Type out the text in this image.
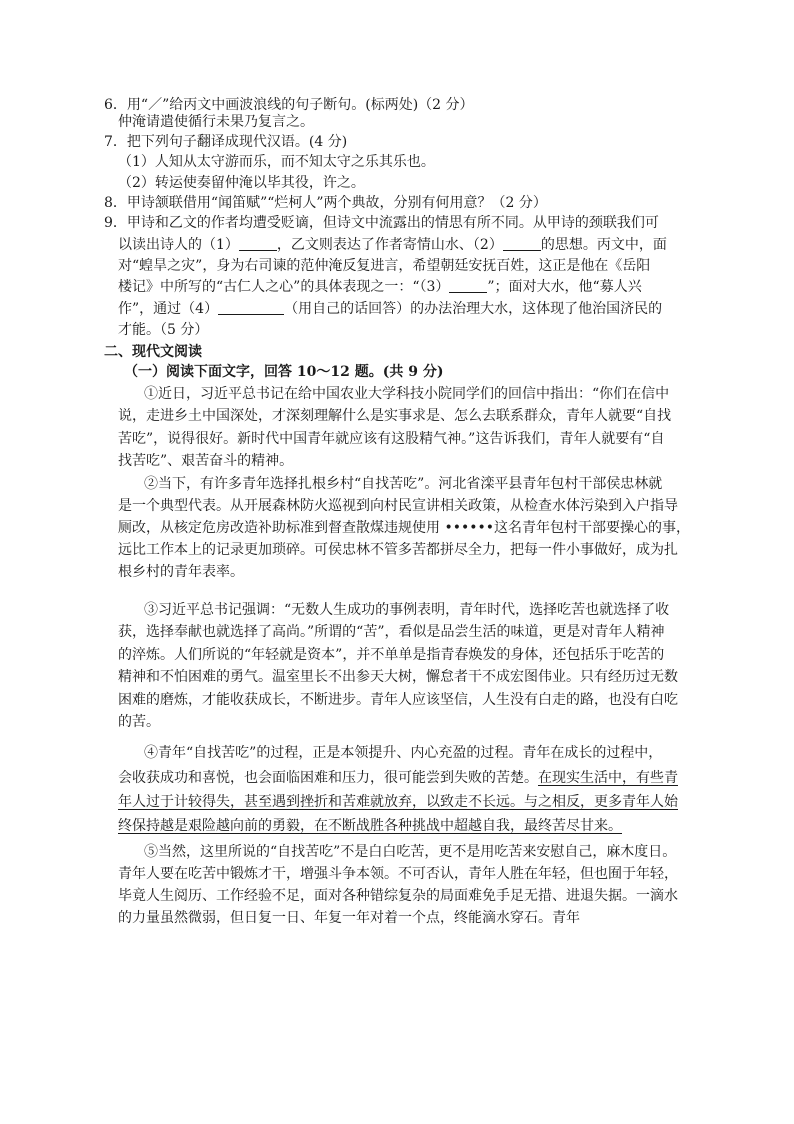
6．用“／”给丙文中画波浪线的句子断句。(标两处)（2 分）
仲淹请遣使循行未果乃复言之。
7．把下列句子翻译成现代汉语。(4 分)
（1）人知从太守游而乐，而不知太守之乐其乐也。
（2）转运使奏留仲淹以毕其役，许之。
8．甲诗颔联借用“闻笛赋”“烂柯人”两个典故，分别有何用意？（2 分）
9．甲诗和乙文的作者均遭受贬谪，但诗文中流露出的情思有所不同。从甲诗的颈联我们可
以读出诗人的（1）	，乙文则表达了作者寄情山水、（2）	的思想。丙文中，面
对“蝗旱之灾”，身为右司谏的范仲淹反复进言，希望朝廷安抚百姓，这正是他在《岳阳
楼记》中所写的“古仁人之心”的具体表现之一：“（3）	”；面对大水，他“募人兴
作”，通过（4）	（用自己的话回答）的办法治理大水，这体现了他治国济民的
才能。（5 分）
二、现代文阅读
（一）阅读下面文字，回答 10～12 题。(共 9 分)
①近日，习近平总书记在给中国农业大学科技小院同学们的回信中指出：“你们在信中
说，走进乡土中国深处，才深刻理解什么是实事求是、怎么去联系群众，青年人就要“自找
苦吃”，说得很好。新时代中国青年就应该有这股精气神。”这告诉我们，青年人就要有“自
找苦吃”、艰苦奋斗的精神。
②当下，有许多青年选择扎根乡村“自找苦吃”。河北省滦平县青年包村干部侯忠林就
是一个典型代表。从开展森林防火巡视到向村民宣讲相关政策，从检查水体污染到入户指导
厕改，从核定危房改造补助标准到督查散煤违规使用 ••••••这名青年包村干部要操心的事，
远比工作本上的记录更加琐碎。可侯忠林不管多苦都拼尽全力，把每一件小事做好，成为扎
根乡村的青年表率。
③习近平总书记强调：“无数人生成功的事例表明，青年时代，选择吃苦也就选择了收
获，选择奉献也就选择了高尚。”所谓的“苦”，看似是品尝生活的味道，更是对青年人精神
的淬炼。人们所说的“年轻就是资本”，并不单单是指青春焕发的身体，还包括乐于吃苦的
精神和不怕困难的勇气。温室里长不出参天大树，懈怠者干不成宏图伟业。只有经历过无数
困难的磨炼，才能收获成长，不断进步。青年人应该坚信，人生没有白走的路，也没有白吃
的苦。
④青年“自找苦吃”的过程，正是本领提升、内心充盈的过程。青年在成长的过程中，
会收获成功和喜悦，也会面临困难和压力，很可能尝到失败的苦楚。在现实生活中，有些青
年人过于计较得失，甚至遇到挫折和苦难就放弃，以致走不长远。与之相反，更多青年人始
终保持越是艰险越向前的勇毅，在不断战胜各种挑战中超越自我，最终苦尽甘来。
⑤当然，这里所说的“自找苦吃”不是白白吃苦，更不是用吃苦来安慰自己，麻木度日。
青年人要在吃苦中锻炼才干，增强斗争本领。不可否认，青年人胜在年轻，但也囿于年轻，
毕竟人生阅历、工作经验不足，面对各种错综复杂的局面难免手足无措、进退失据。一滴水
的力量虽然微弱，但日复一日、年复一年对着一个点，终能滴水穿石。青年
